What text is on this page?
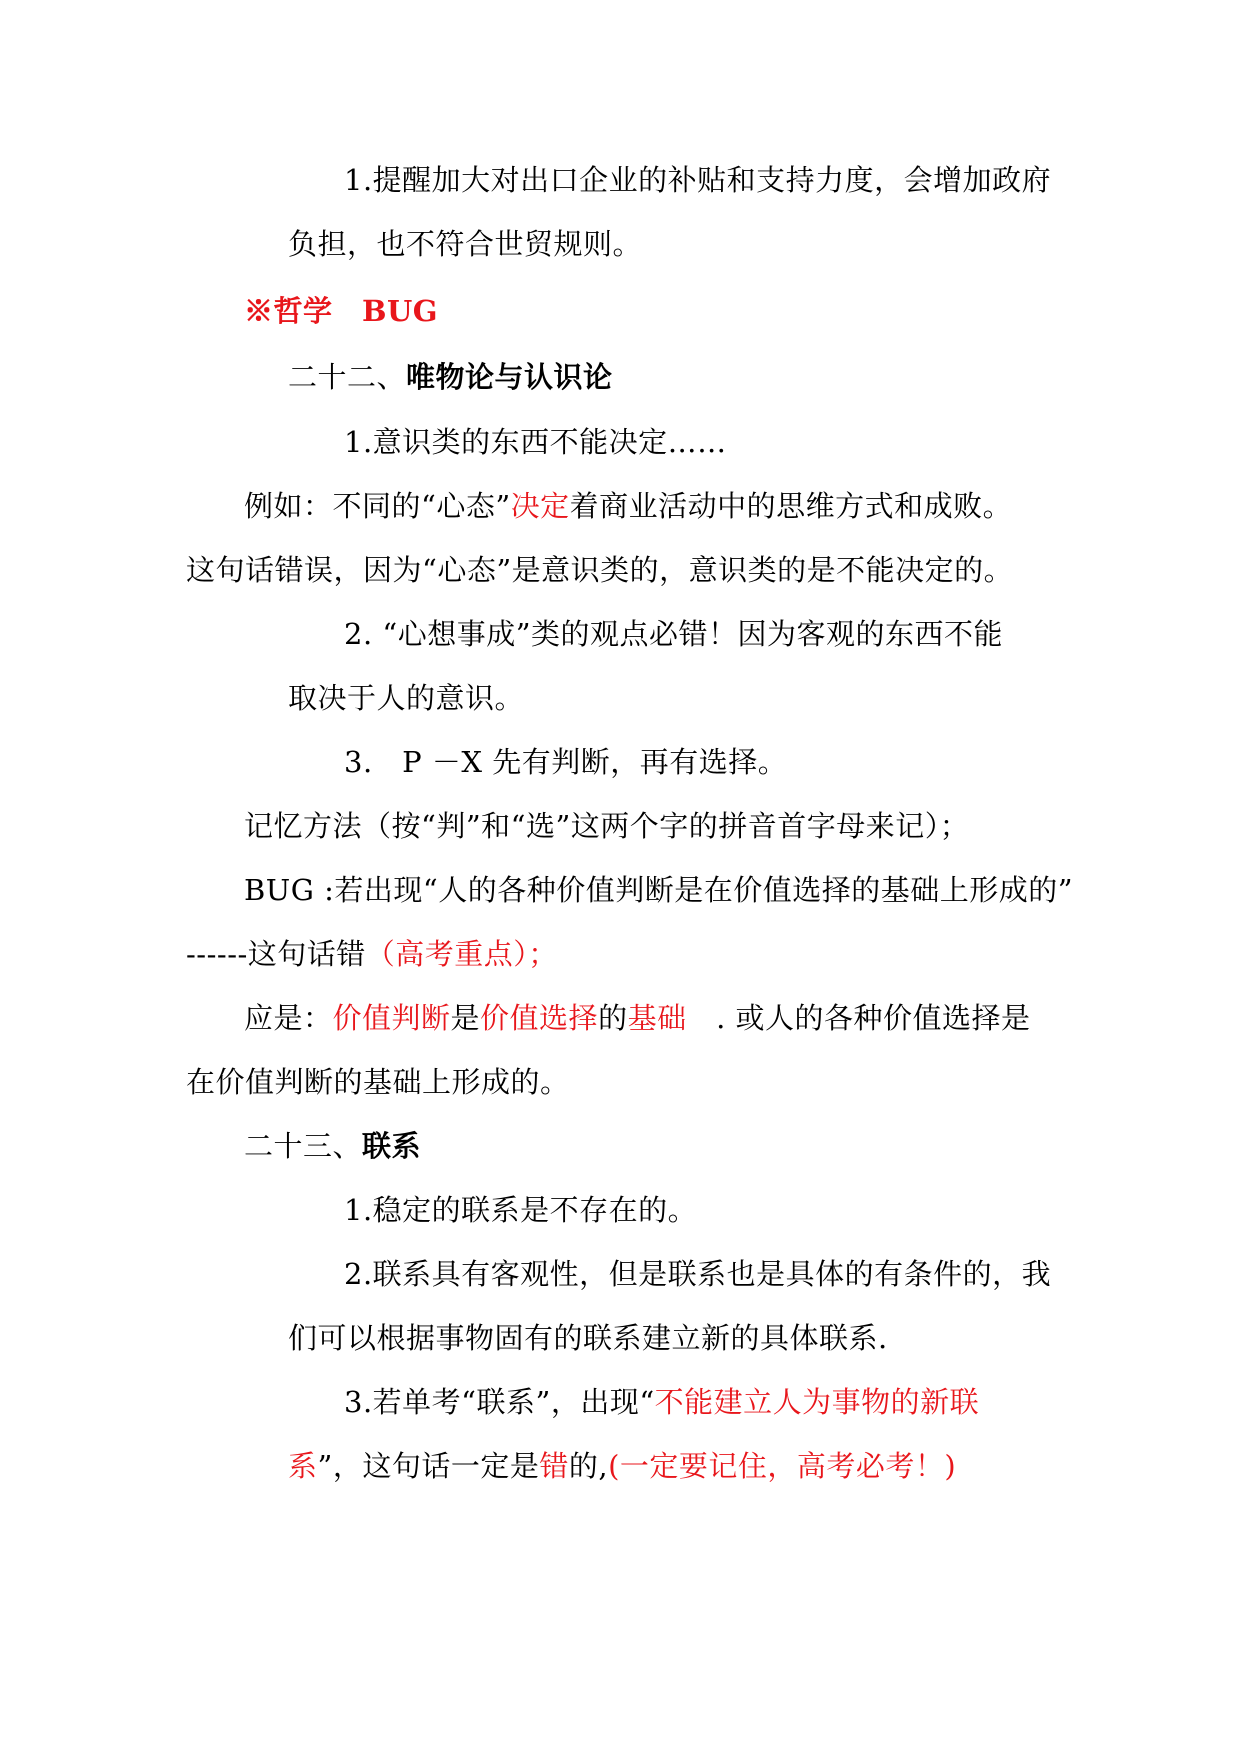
1.提醒加大对出口企业的补贴和支持力度，会增加政府
负担，也不符合世贸规则。
※哲学　BUG
二十二、唯物论与认识论
1.意识类的东西不能决定……
例如：不同的“心态”决定着商业活动中的思维方式和成败。
这句话错误，因为“心态”是意识类的，意识类的是不能决定的。
2. “心想事成”类的观点必错！因为客观的东西不能
取决于人的意识。
3.　P －X 先有判断，再有选择。
记忆方法（按“判”和“选”这两个字的拼音首字母来记）；
BUG :若出现“人的各种价值判断是在价值选择的基础上形成的”
------这句话错（高考重点）；
应是：价值判断是价值选择的基础　. 或人的各种价值选择是
在价值判断的基础上形成的。
二十三、联系
1.稳定的联系是不存在的。
2.联系具有客观性，但是联系也是具体的有条件的，我
们可以根据事物固有的联系建立新的具体联系.
3.若单考“联系”，出现“不能建立人为事物的新联
系”，这句话一定是错的,(一定要记住，高考必考！)
